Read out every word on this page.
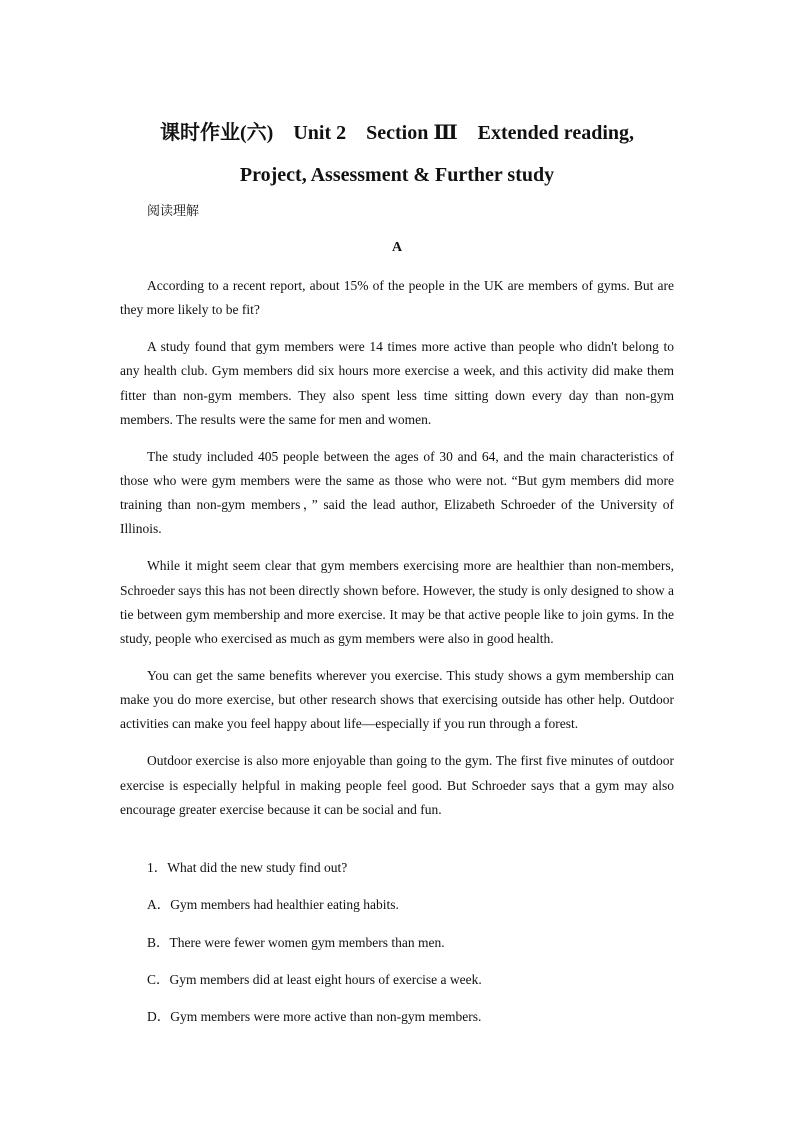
课时作业(六)　Unit 2　Section Ⅲ　Extended reading,
Project, Assessment & Further study
阅读理解
A

According to a recent report, about 15% of the people in the UK are members of gyms. But are they more likely to be fit?

A study found that gym members were 14 times more active than people who didn't belong to any health club. Gym members did six hours more exercise a week, and this activity did make them fitter than non-gym members. They also spent less time sitting down every day than non-gym members. The results were the same for men and women.

The study included 405 people between the ages of 30 and 64, and the main characteristics of those who were gym members were the same as those who were not. “But gym members did more training than non-gym members，” said the lead author, Elizabeth Schroeder of the University of Illinois.

While it might seem clear that gym members exercising more are healthier than non-members, Schroeder says this has not been directly shown before. However, the study is only designed to show a tie between gym membership and more exercise. It may be that active people like to join gyms. In the study, people who exercised as much as gym members were also in good health.

You can get the same benefits wherever you exercise. This study shows a gym membership can make you do more exercise, but other research shows that exercising outside has other help. Outdoor activities can make you feel happy about life—especially if you run through a forest.

Outdoor exercise is also more enjoyable than going to the gym. The first five minutes of outdoor exercise is especially helpful in making people feel good. But Schroeder says that a gym may also encourage greater exercise because it can be social and fun.

1．What did the new study find out?
A．Gym members had healthier eating habits.
B．There were fewer women gym members than men.
C．Gym members did at least eight hours of exercise a week.
D．Gym members were more active than non-gym members.
